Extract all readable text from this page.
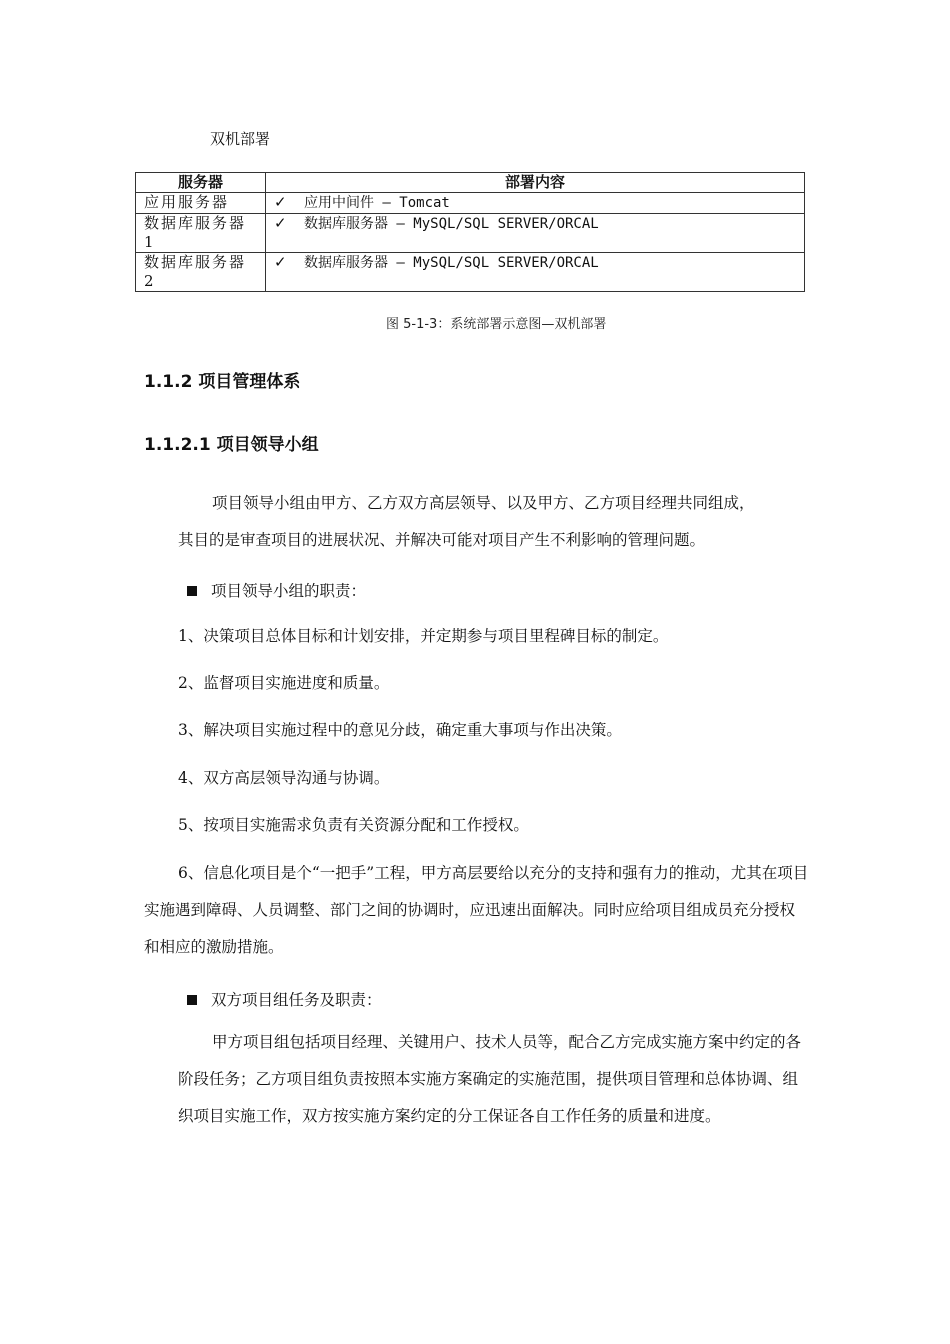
双机部署
服务器	部署内容
应用服务器	✓ 应用中间件 – Tomcat
数据库服务器1	✓ 数据库服务器 – MySQL/SQL SERVER/ORCAL
数据库服务器2	✓ 数据库服务器 – MySQL/SQL SERVER/ORCAL
图 5-1-3：系统部署示意图—双机部署
1.1.2 项目管理体系
1.1.2.1 项目领导小组
项目领导小组由甲方、乙方双方高层领导、以及甲方、乙方项目经理共同组成，
其目的是审查项目的进展状况、并解决可能对项目产生不利影响的管理问题。
项目领导小组的职责：
1、决策项目总体目标和计划安排，并定期参与项目里程碑目标的制定。
2、监督项目实施进度和质量。
3、解决项目实施过程中的意见分歧，确定重大事项与作出决策。
4、双方高层领导沟通与协调。
5、按项目实施需求负责有关资源分配和工作授权。
6、信息化项目是个“一把手”工程，甲方高层要给以充分的支持和强有力的推动，尤其在项目实施遇到障碍、人员调整、部门之间的协调时，应迅速出面解决。同时应给项目组成员充分授权和相应的激励措施。
双方项目组任务及职责：
甲方项目组包括项目经理、关键用户、技术人员等，配合乙方完成实施方案中约定的各阶段任务；乙方项目组负责按照本实施方案确定的实施范围，提供项目管理和总体协调、组织项目实施工作，双方按实施方案约定的分工保证各自工作任务的质量和进度。
